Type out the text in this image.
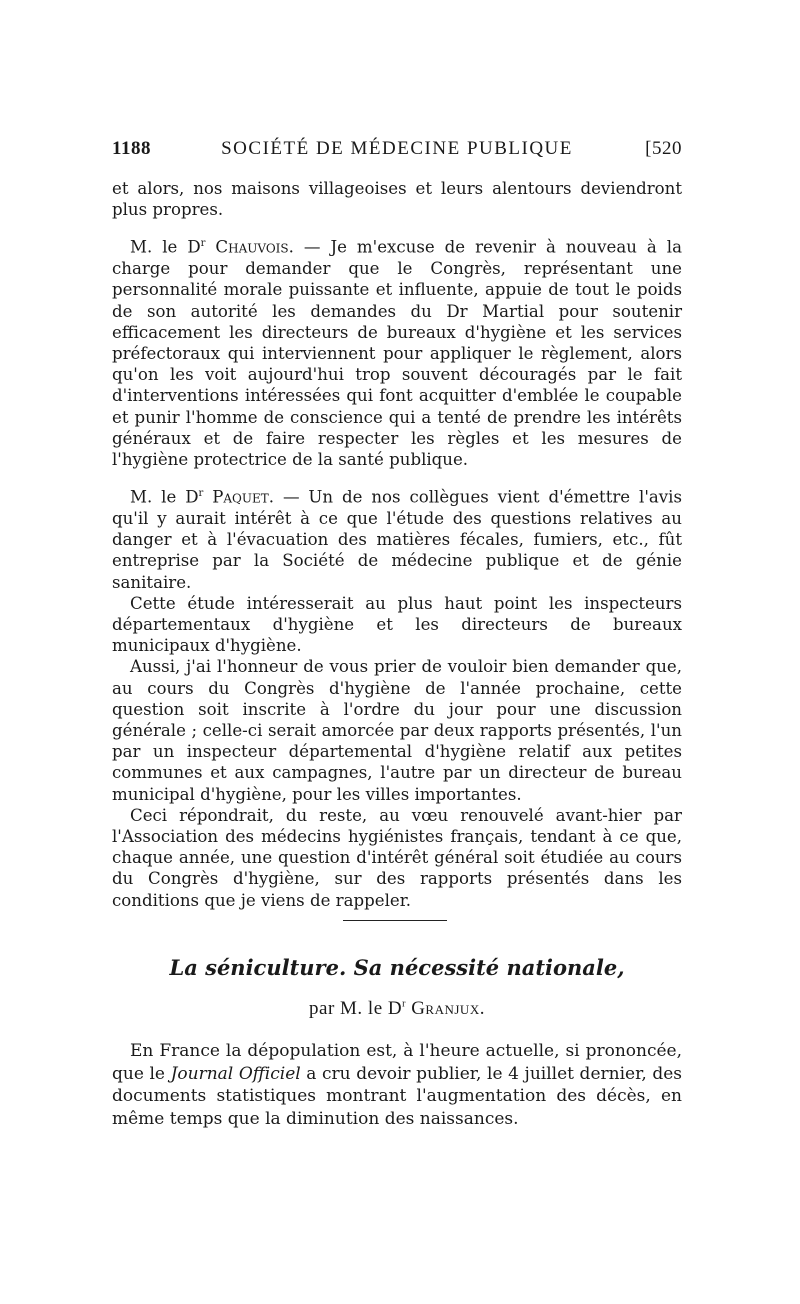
1188	SOCIÉTÉ DE MÉDECINE PUBLIQUE	[520

et alors, nos maisons villageoises et leurs alentours deviendront plus propres.

M. le $D^r$ Chauvois. — Je m'excuse de revenir à nouveau à la charge pour demander que le Congrès, représentant une personnalité morale puissante et influente, appuie de tout le poids de son autorité les demandes du Dr Martial pour soutenir efficacement les directeurs de bureaux d'hygiène et les services préfectoraux qui interviennent pour appliquer le règlement, alors qu'on les voit aujourd'hui trop souvent découragés par le fait d'interventions intéressées qui font acquitter d'emblée le coupable et punir l'homme de conscience qui a tenté de prendre les intérêts généraux et de faire respecter les règles et les mesures de l'hygiène protectrice de la santé publique.

M. le $D^r$ Paquet. — Un de nos collègues vient d'émettre l'avis qu'il y aurait intérêt à ce que l'étude des questions relatives au danger et à l'évacuation des matières fécales, fumiers, etc., fût entreprise par la Société de médecine publique et de génie sanitaire.

Cette étude intéresserait au plus haut point les inspecteurs départementaux d'hygiène et les directeurs de bureaux municipaux d'hygiène.

Aussi, j'ai l'honneur de vous prier de vouloir bien demander que, au cours du Congrès d'hygiène de l'année prochaine, cette question soit inscrite à l'ordre du jour pour une discussion générale ; celle-ci serait amorcée par deux rapports présentés, l'un par un inspecteur départemental d'hygiène relatif aux petites communes et aux campagnes, l'autre par un directeur de bureau municipal d'hygiène, pour les villes importantes.

Ceci répondrait, du reste, au vœu renouvelé avant-hier par l'Association des médecins hygiénistes français, tendant à ce que, chaque année, une question d'intérêt général soit étudiée au cours du Congrès d'hygiène, sur des rapports présentés dans les conditions que je viens de rappeler.

La séniculture. Sa nécessité nationale,
par M. le $D^r$ Granjux.

En France la dépopulation est, à l'heure actuelle, si prononcée, que le Journal Officiel a cru devoir publier, le 4 juillet dernier, des documents statistiques montrant l'augmentation des décès, en même temps que la diminution des naissances.
